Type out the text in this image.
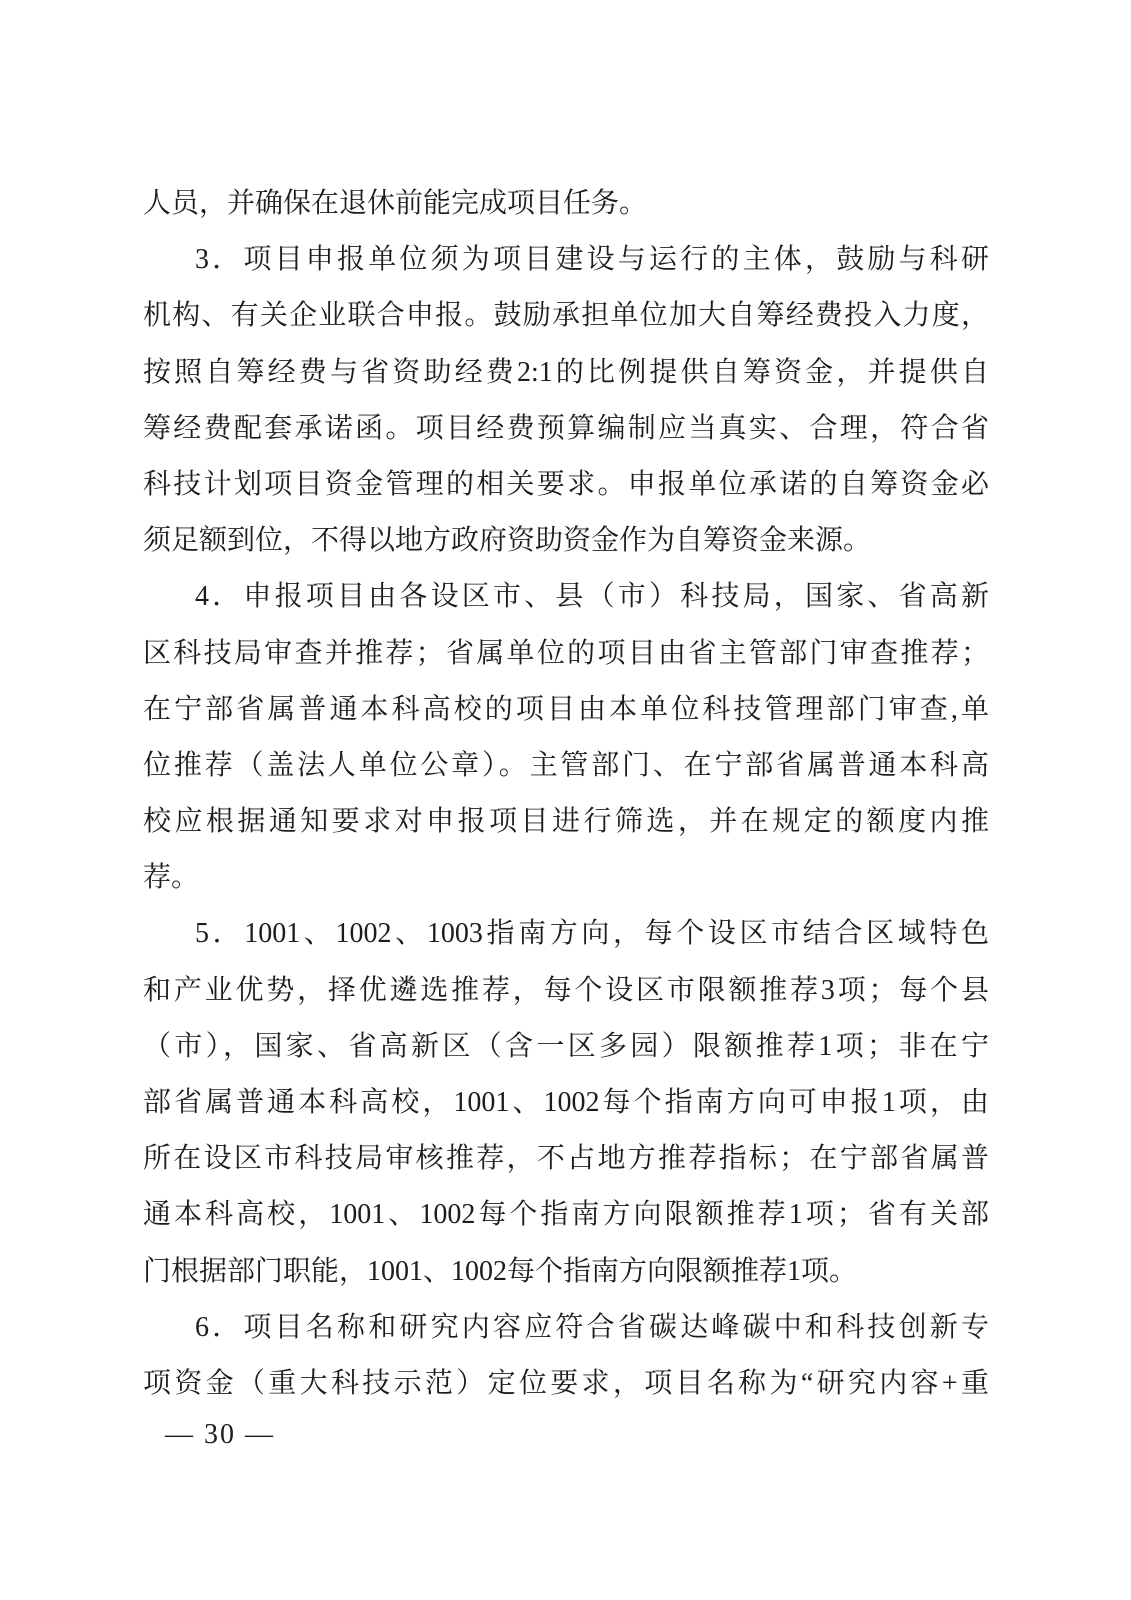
人员，并确保在退休前能完成项目任务。
3．项目申报单位须为项目建设与运行的主体，鼓励与科研
机构、有关企业联合申报。鼓励承担单位加大自筹经费投入力度，
按照自筹经费与省资助经费2:1的比例提供自筹资金，并提供自
筹经费配套承诺函。项目经费预算编制应当真实、合理，符合省
科技计划项目资金管理的相关要求。申报单位承诺的自筹资金必
须足额到位，不得以地方政府资助资金作为自筹资金来源。
4．申报项目由各设区市、县（市）科技局，国家、省高新
区科技局审查并推荐；省属单位的项目由省主管部门审查推荐；
在宁部省属普通本科高校的项目由本单位科技管理部门审查,单
位推荐（盖法人单位公章）。主管部门、在宁部省属普通本科高
校应根据通知要求对申报项目进行筛选，并在规定的额度内推
荐。
5．1001、1002、1003指南方向，每个设区市结合区域特色
和产业优势，择优遴选推荐，每个设区市限额推荐3项；每个县
（市），国家、省高新区（含一区多园）限额推荐1项；非在宁
部省属普通本科高校，1001、1002每个指南方向可申报1项，由
所在设区市科技局审核推荐，不占地方推荐指标；在宁部省属普
通本科高校，1001、1002每个指南方向限额推荐1项；省有关部
门根据部门职能，1001、1002每个指南方向限额推荐1项。
6．项目名称和研究内容应符合省碳达峰碳中和科技创新专
项资金（重大科技示范）定位要求，项目名称为“研究内容+重
— 30 —
